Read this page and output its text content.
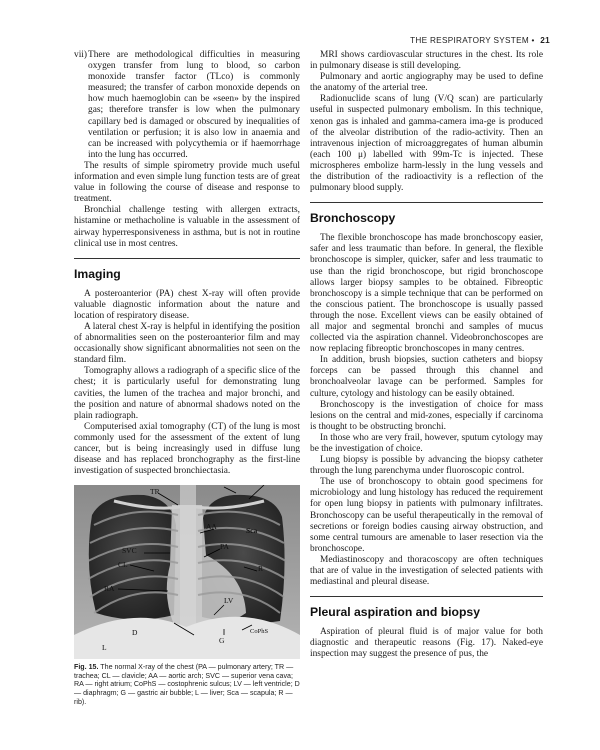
THE RESPIRATORY SYSTEM • 21
vii) There are methodological difficulties in measuring oxygen transfer from lung to blood, so carbon monoxide transfer factor (TLco) is commonly measured; the transfer of carbon monoxide depends on how much haemoglobin can be «seen» by the inspired gas; therefore transfer is low when the pulmonary capillary bed is damaged or obscured by inequalities of ventilation or perfusion; it is also low in anaemia and can be increased with polycythemia or if haemorrhage into the lung has occurred.

The results of simple spirometry provide much useful information and even simple lung function tests are of great value in following the course of disease and response to treatment.

Bronchial challenge testing with allergen extracts, histamine or methacholine is valuable in the assessment of airway hyperresponsiveness in asthma, but is not in routine clinical use in most centres.

Imaging

A posteroanterior (PA) chest X-ray will often provide valuable diagnostic information about the nature and location of respiratory disease.

A lateral chest X-ray is helpful in identifying the position of abnormalities seen on the posteroanterior film and may occasionally show significant abnormalities not seen on the standard film.

Tomography allows a radiograph of a specific slice of the chest; it is particularly useful for demonstrating lung cavities, the lumen of the trachea and major bronchi, and the position and nature of abnormal shadows noted on the plain radiograph.

Computerised axial tomography (CT) of the lung is most commonly used for the assessment of the extent of lung cancer, but is being increasingly used in diffuse lung disease and has replaced bronchography as the first-line investigation of suspected bronchiectasia.

TR
AA	Sca
PA
SVC
R
CL
RA
LV
D
G
CoPhS
L
Fig. 15. The normal X-ray of the chest (PA — pulmonary artery; TR — trachea; CL — clavicle; AA — aortic arch; SVC — superior vena cava; RA — right atrium; CoPhS — costophrenic sulcus; LV — left ventricle; D — diaphragm; G — gastric air bubble; L — liver; Sca — scapula; R — rib).

MRI shows cardiovascular structures in the chest. Its role in pulmonary disease is still developing.

Pulmonary and aortic angiography may be used to define the anatomy of the arterial tree.

Radionuclide scans of lung (V/Q scan) are particularly useful in suspected pulmonary embolism. In this technique, xenon gas is inhaled and gamma-camera ima-ge is produced of the alveolar distribution of the radio-activity. Then an intravenous injection of microaggregates of human albumin (each 100 μ) labelled with 99m-Tc is injected. These microspheres embolize harm-lessly in the lung vessels and the distribution of the radioactivity is a reflection of the pulmonary blood supply.

Bronchoscopy

The flexible bronchoscope has made bronchoscopy easier, safer and less traumatic than before. In general, the flexible bronchoscope is simpler, quicker, safer and less traumatic to use than the rigid bronchoscope, but rigid bronchoscope allows larger biopsy samples to be obtained. Fibreoptic bronchoscopy is a simple technique that can be performed on the conscious patient. The bronchoscope is usually passed through the nose. Excellent views can be easily obtained of all major and segmental bronchi and samples of mucus collected via the aspiration channel. Videobronchoscopes are now replacing fibreoptic bronchoscopes in many centres.

In addition, brush biopsies, suction catheters and biopsy forceps can be passed through this channel and bronchoalveolar lavage can be performed. Samples for culture, cytology and histology can be easily obtained.

Bronchoscopy is the investigation of choice for mass lesions on the central and mid-zones, especially if carcinoma is thought to be obstructing bronchi.

In those who are very frail, however, sputum cytology may be the investigation of choice.

Lung biopsy is possible by advancing the biopsy catheter through the lung parenchyma under fluoroscopic control.

The use of bronchoscopy to obtain good specimens for microbiology and lung histology has reduced the requirement for open lung biopsy in patients with pulmonary infiltrates. Bronchoscopy can be useful therapeutically in the removal of secretions or foreign bodies causing airway obstruction, and some central tumours are amenable to laser resection via the bronchoscope.

Mediastinoscopy and thoracoscopy are often techniques that are of value in the investigation of selected patients with mediastinal and pleural disease.

Pleural aspiration and biopsy

Aspiration of pleural fluid is of major value for both diagnostic and therapeutic reasons (Fig. 17). Naked-eye inspection may suggest the presence of pus, the
